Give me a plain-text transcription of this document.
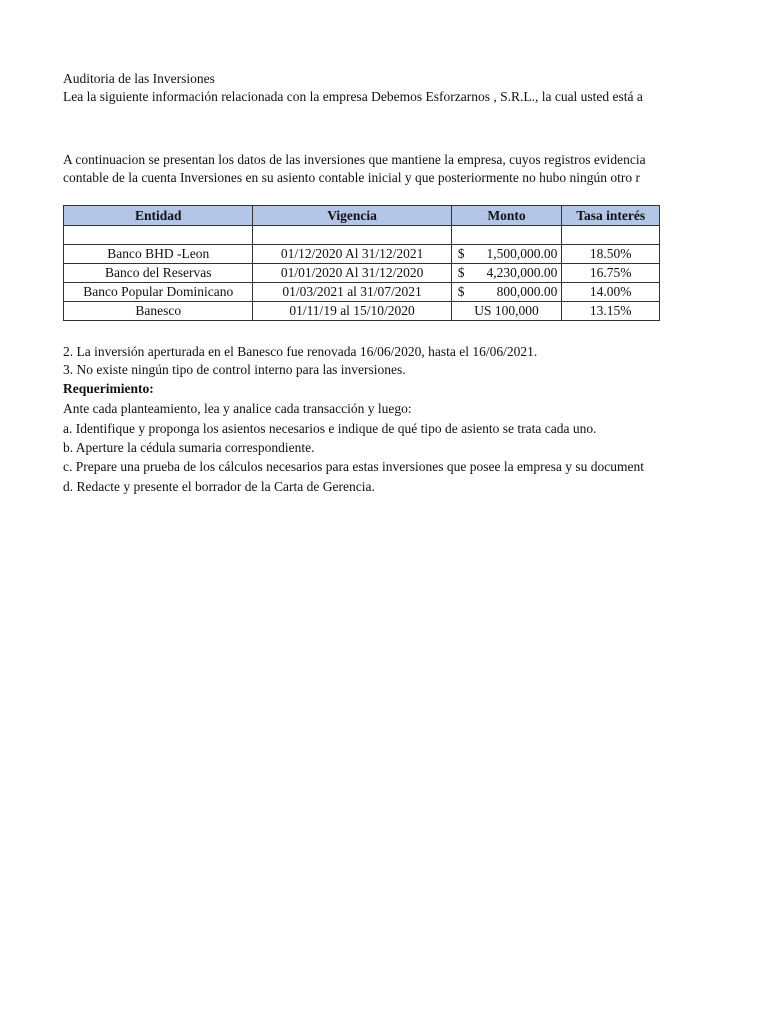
Auditoria de las Inversiones
Lea la siguiente información relacionada con la empresa Debemos Esforzarnos , S.R.L., la cual usted está a
A continuacion se presentan los datos de las inversiones que mantiene la empresa, cuyos registros evidencia
contable de la cuenta Inversiones en su asiento contable inicial y que posteriormente no hubo ningún otro r
Entidad	Vigencia	Monto	Tasa interés

Banco BHD -Leon	01/12/2020 Al 31/12/2021	$ 1,500,000.00	18.50%
Banco del Reservas	01/01/2020 Al 31/12/2020	$ 4,230,000.00	16.75%
Banco Popular Dominicano	01/03/2021 al 31/07/2021	$ 800,000.00	14.00%
Banesco	01/11/19 al 15/10/2020	US 100,000	13.15%
2. La inversión aperturada en el Banesco fue renovada 16/06/2020, hasta el 16/06/2021.
3. No existe ningún tipo de control interno para las inversiones.
Requerimiento:
Ante cada planteamiento, lea y analice cada transacción y luego:
a. Identifique y proponga los asientos necesarios e indique de qué tipo de asiento se trata cada uno.
b. Aperture la cédula sumaria correspondiente.
c. Prepare una prueba de los cálculos necesarios para estas inversiones que posee la empresa y su document
d. Redacte y presente el borrador de la Carta de Gerencia.
